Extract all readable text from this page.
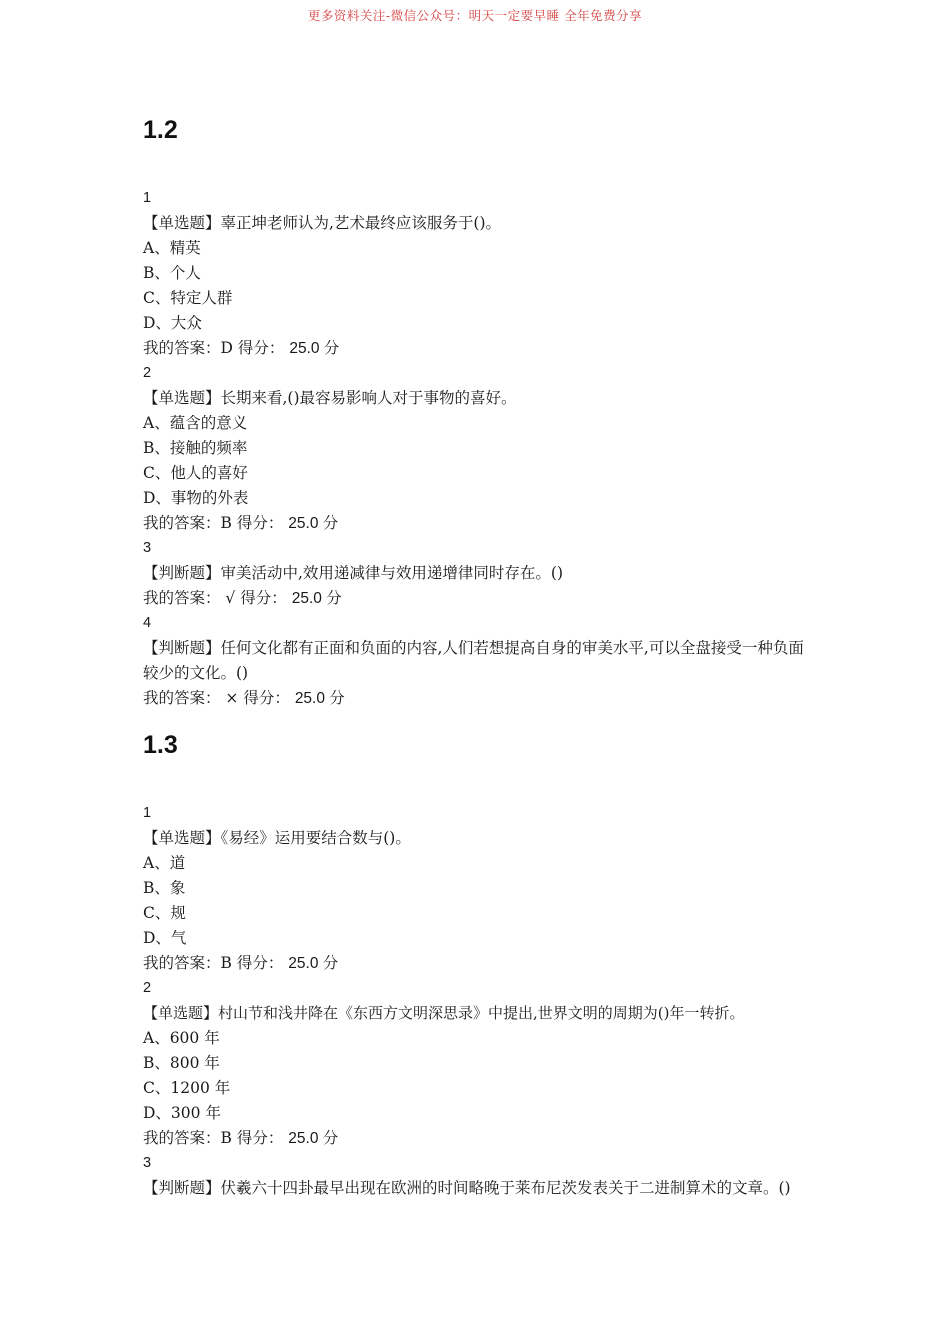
更多资料关注-微信公众号：明天一定要早睡 全年免费分享
1.2
1
【单选题】辜正坤老师认为,艺术最终应该服务于()。
A、精英
B、个人
C、特定人群
D、大众
我的答案：D 得分： 25.0 分
2
【单选题】长期来看,()最容易影响人对于事物的喜好。
A、蕴含的意义
B、接触的频率
C、他人的喜好
D、事物的外表
我的答案：B 得分： 25.0 分
3
【判断题】审美活动中,效用递减律与效用递增律同时存在。()
我的答案： √ 得分： 25.0 分
4
【判断题】任何文化都有正面和负面的内容,人们若想提高自身的审美水平,可以全盘接受一种负面较少的文化。()
我的答案： × 得分： 25.0 分
1.3
1
【单选题】《易经》运用要结合数与()。
A、道
B、象
C、规
D、气
我的答案：B 得分： 25.0 分
2
【单选题】村山节和浅井降在《东西方文明深思录》中提出,世界文明的周期为()年一转折。
A、600 年
B、800 年
C、1200 年
D、300 年
我的答案：B 得分： 25.0 分
3
【判断题】伏羲六十四卦最早出现在欧洲的时间略晚于莱布尼茨发表关于二进制算术的文章。()
